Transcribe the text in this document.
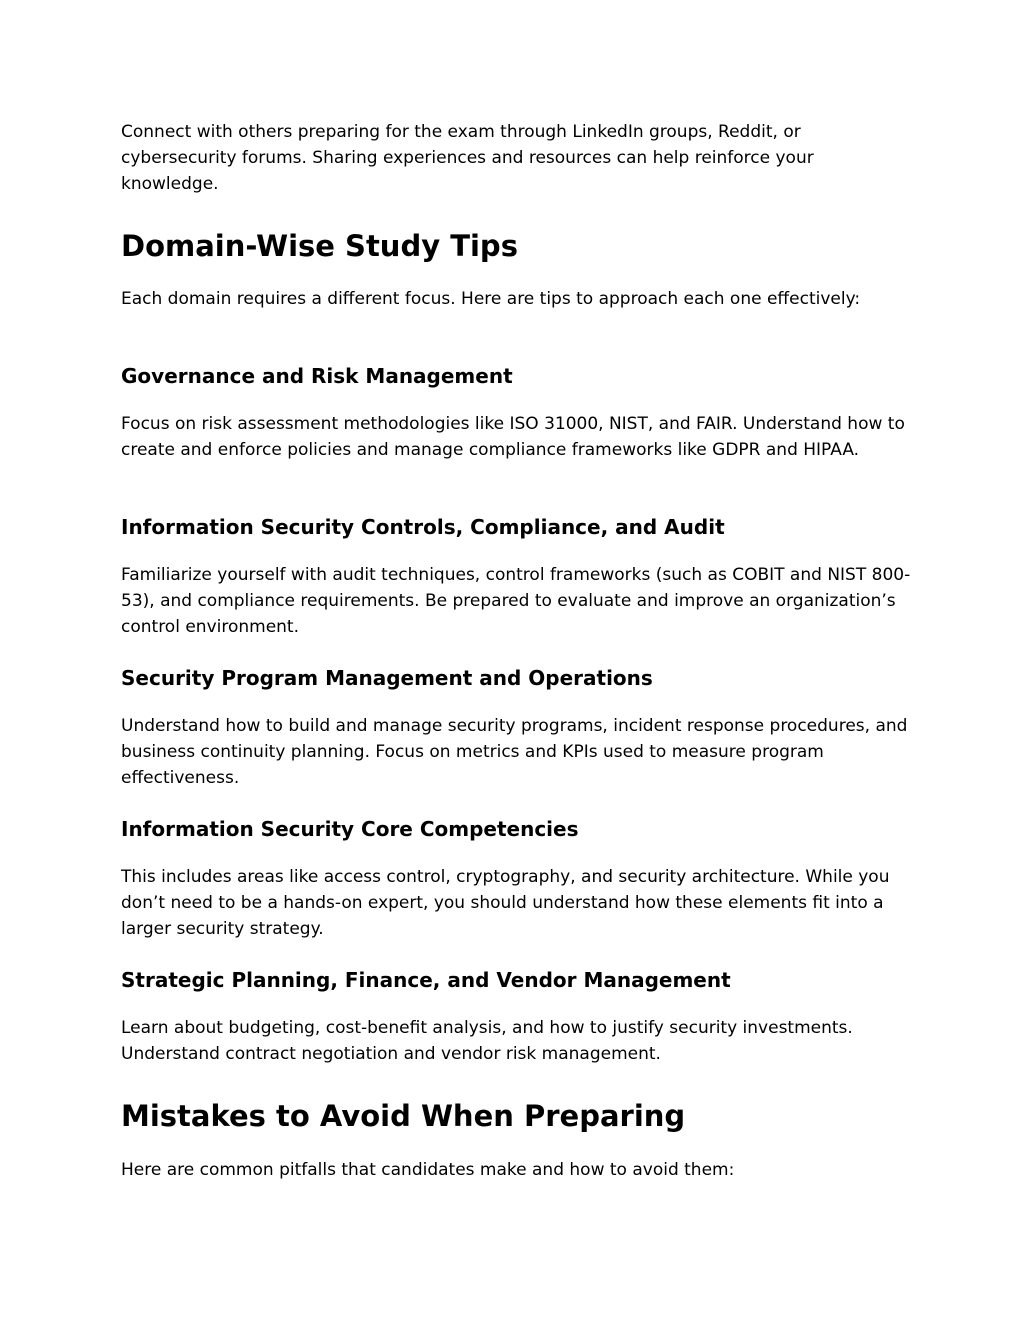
Connect with others preparing for the exam through LinkedIn groups, Reddit, or cybersecurity forums. Sharing experiences and resources can help reinforce your knowledge.

Domain-Wise Study Tips

Each domain requires a different focus. Here are tips to approach each one effectively:

Governance and Risk Management

Focus on risk assessment methodologies like ISO 31000, NIST, and FAIR. Understand how to create and enforce policies and manage compliance frameworks like GDPR and HIPAA.

Information Security Controls, Compliance, and Audit

Familiarize yourself with audit techniques, control frameworks (such as COBIT and NIST 800-53), and compliance requirements. Be prepared to evaluate and improve an organization’s control environment.

Security Program Management and Operations

Understand how to build and manage security programs, incident response procedures, and business continuity planning. Focus on metrics and KPIs used to measure program effectiveness.

Information Security Core Competencies

This includes areas like access control, cryptography, and security architecture. While you don’t need to be a hands-on expert, you should understand how these elements fit into a larger security strategy.

Strategic Planning, Finance, and Vendor Management

Learn about budgeting, cost-benefit analysis, and how to justify security investments. Understand contract negotiation and vendor risk management.

Mistakes to Avoid When Preparing

Here are common pitfalls that candidates make and how to avoid them:
